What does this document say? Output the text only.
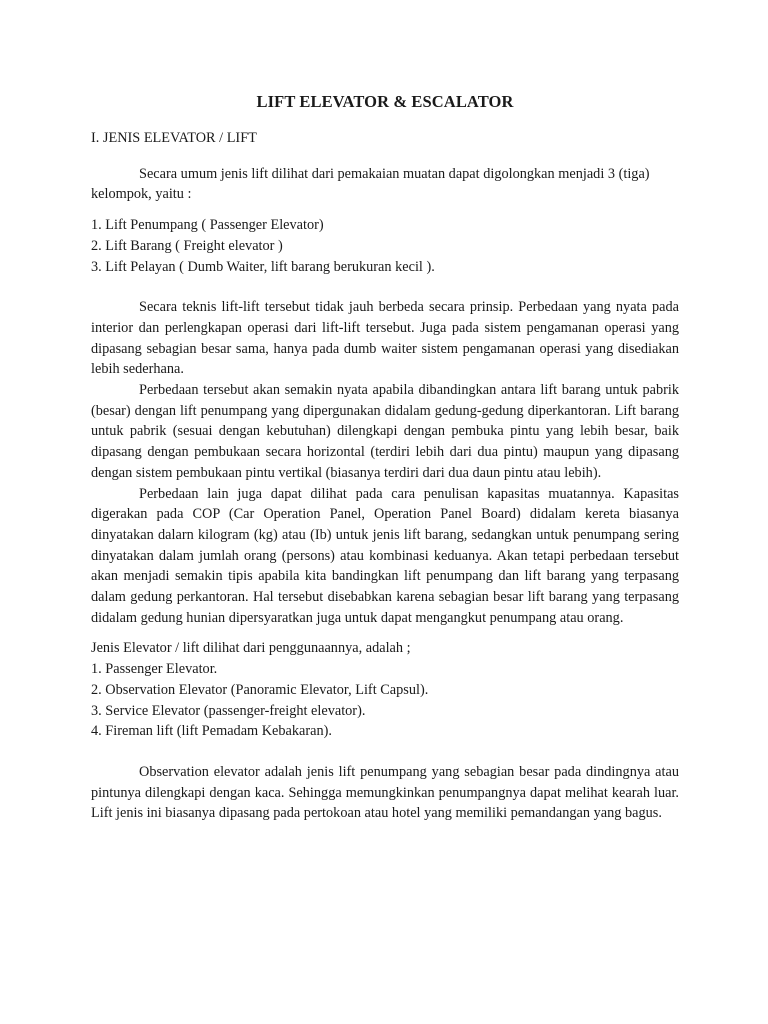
LIFT ELEVATOR & ESCALATOR

I. JENIS ELEVATOR / LIFT

Secara umum jenis lift dilihat dari pemakaian muatan dapat digolongkan menjadi 3 (tiga) kelompok, yaitu :

1. Lift Penumpang ( Passenger Elevator)
2. Lift Barang ( Freight elevator )
3. Lift Pelayan ( Dumb Waiter, lift barang berukuran kecil ).

Secara teknis lift-lift tersebut tidak jauh berbeda secara prinsip. Perbedaan yang nyata pada interior dan perlengkapan operasi dari lift-lift tersebut. Juga pada sistem pengamanan operasi yang dipasang sebagian besar sama, hanya pada dumb waiter sistem pengamanan operasi yang disediakan lebih sederhana.

Perbedaan tersebut akan semakin nyata apabila dibandingkan antara lift barang untuk pabrik (besar) dengan lift penumpang yang dipergunakan didalam gedung-gedung diperkantoran. Lift barang untuk pabrik (sesuai dengan kebutuhan) dilengkapi dengan pembuka pintu yang lebih besar, baik dipasang dengan pembukaan secara horizontal (terdiri lebih dari dua pintu) maupun yang dipasang dengan sistem pembukaan pintu vertikal (biasanya terdiri dari dua daun pintu atau lebih).

Perbedaan lain juga dapat dilihat pada cara penulisan kapasitas muatannya. Kapasitas digerakan pada COP (Car Operation Panel, Operation Panel Board) didalam kereta biasanya dinyatakan dalarn kilogram (kg) atau (Ib) untuk jenis lift barang, sedangkan untuk penumpang sering dinyatakan dalam jumlah orang (persons) atau kombinasi keduanya. Akan tetapi perbedaan tersebut akan menjadi semakin tipis apabila kita bandingkan lift penumpang dan lift barang yang terpasang dalam gedung perkantoran. Hal tersebut disebabkan karena sebagian besar lift barang yang terpasang didalam gedung hunian dipersyaratkan juga untuk dapat mengangkut penumpang atau orang.

Jenis Elevator / lift dilihat dari penggunaannya, adalah ;

1. Passenger Elevator.
2. Observation Elevator (Panoramic Elevator, Lift Capsul).
3. Service Elevator (passenger-freight elevator).
4. Fireman lift (lift Pemadam Kebakaran).

Observation elevator adalah jenis lift penumpang yang sebagian besar pada dindingnya atau pintunya dilengkapi dengan kaca. Sehingga memungkinkan penumpangnya dapat melihat kearah luar. Lift jenis ini biasanya dipasang pada pertokoan atau hotel yang memiliki pemandangan yang bagus.
